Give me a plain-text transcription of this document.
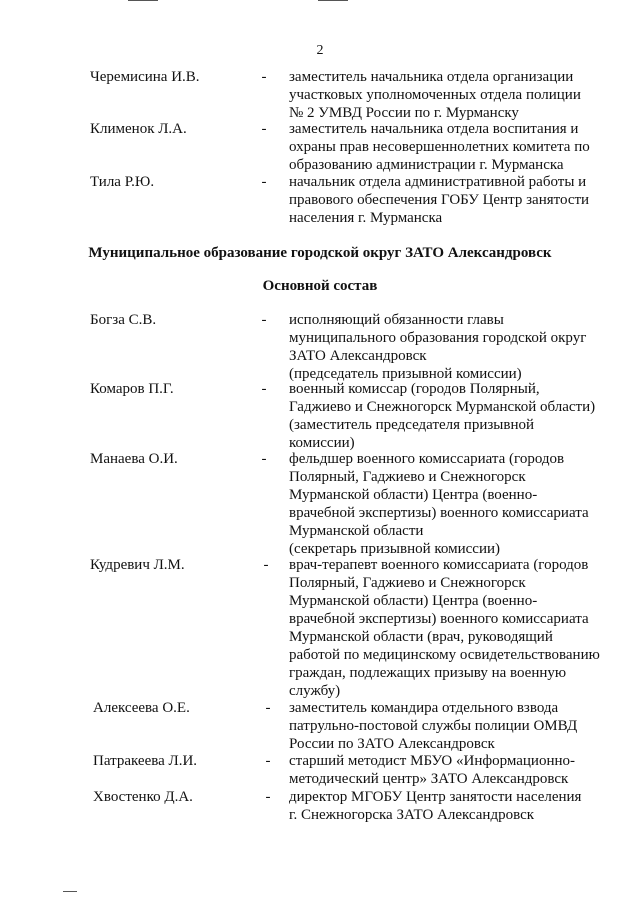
2
Черемисина И.В.	- заместитель начальника отдела организации
участковых уполномоченных отдела полиции
№ 2 УМВД России по г. Мурманску
Клименок Л.А.	- заместитель начальника отдела воспитания и
охраны прав несовершеннолетних комитета по
образованию администрации г. Мурманска
Тила Р.Ю.	- начальник отдела административной работы и
правового обеспечения ГОБУ Центр занятости
населения г. Мурманска
Муниципальное образование городской округ ЗАТО Александровск
Основной состав
Богза С.В.	- исполняющий обязанности главы
муниципального образования городской округ
ЗАТО Александровск
(председатель призывной комиссии)
Комаров П.Г.	- военный комиссар (городов Полярный,
Гаджиево и Снежногорск Мурманской области)
(заместитель председателя призывной
комиссии)
Манаева О.И.	- фельдшер военного комиссариата (городов
Полярный, Гаджиево и Снежногорск
Мурманской области) Центра (военно-
врачебной экспертизы) военного комиссариата
Мурманской области
(секретарь призывной комиссии)
Кудревич Л.М.	- врач-терапевт военного комиссариата (городов
Полярный, Гаджиево и Снежногорск
Мурманской области) Центра (военно-
врачебной экспертизы) военного комиссариата
Мурманской области (врач, руководящий
работой по медицинскому освидетельствованию
граждан, подлежащих призыву на военную
службу)
Алексеева О.Е.	- заместитель командира отдельного взвода
патрульно-постовой службы полиции ОМВД
России по ЗАТО Александровск
Патракеева Л.И.	- старший методист МБУО «Информационно-
методический центр» ЗАТО Александровск
Хвостенко Д.А.	- директор МГОБУ Центр занятости населения
г. Снежногорска ЗАТО Александровск
